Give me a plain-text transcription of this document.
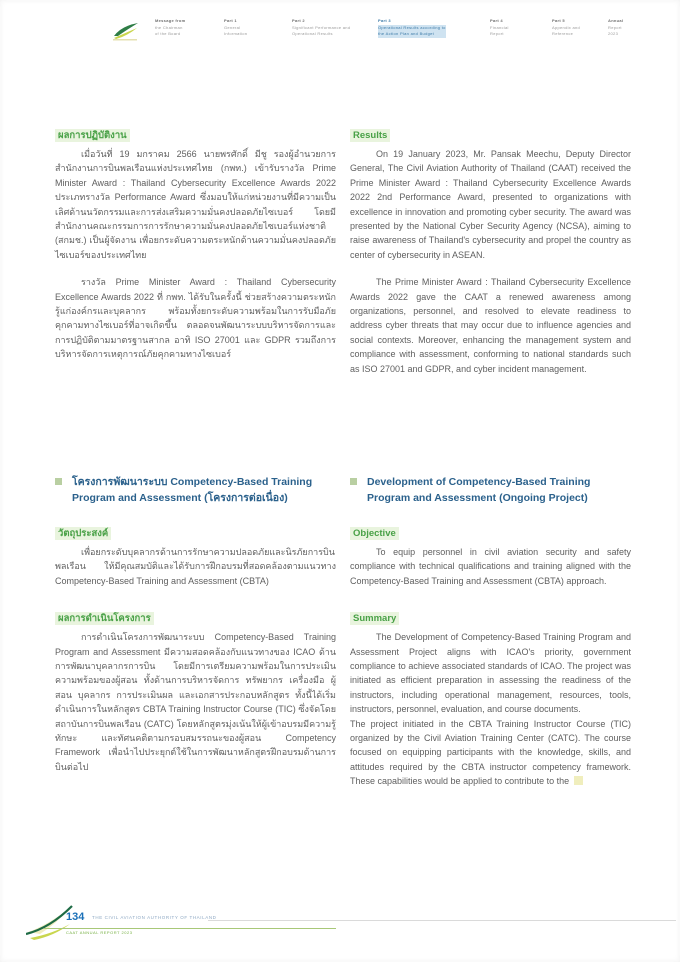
Message from
the Chairman
of the Board
Part 1
General
Information
Part 2
Significant Performance and
Operational Results
Part 3
Operational Results according to
the Action Plan and Budget
Part 4
Financial
Report
Part 5
Appendix and
Reference
Annual
Report
2023
ผลการปฏิบัติงาน

เมื่อวันที่ 19 มกราคม 2566 นายพรศักดิ์ มีชู รองผู้อำนวยการ สำนักงานการบินพลเรือนแห่งประเทศไทย (กพท.) เข้ารับรางวัล Prime Minister Award : Thailand Cybersecurity Excellence Awards 2022 ประเภทรางวัล Performance Award ซึ่งมอบให้แก่หน่วยงานที่มีความเป็นเลิศด้านนวัตกรรมและการส่งเสริมความมั่นคงปลอดภัยไซเบอร์ โดยมีสำนักงานคณะกรรมการการรักษาความมั่นคงปลอดภัยไซเบอร์แห่งชาติ (สกมช.) เป็นผู้จัดงาน เพื่อยกระดับความตระหนักด้านความมั่นคงปลอดภัยไซเบอร์ของประเทศไทย

รางวัล Prime Minister Award : Thailand Cybersecurity Excellence Awards 2022 ที่ กพท. ได้รับในครั้งนี้ ช่วยสร้างความตระหนักรู้แก่องค์กรและบุคลากร พร้อมทั้งยกระดับความพร้อมในการรับมือภัยคุกคามทางไซเบอร์ที่อาจเกิดขึ้น ตลอดจนพัฒนาระบบบริหารจัดการและการปฏิบัติตามมาตรฐานสากล อาทิ ISO 27001 และ GDPR รวมถึงการบริหารจัดการเหตุการณ์ภัยคุกคามทางไซเบอร์

Results

On 19 January 2023, Mr. Pansak Meechu, Deputy Director General, The Civil Aviation Authority of Thailand (CAAT) received the Prime Minister Award : Thailand Cybersecurity Excellence Awards 2022 2nd Performance Award, presented to organizations with excellence in innovation and promoting cyber security. The award was presented by the National Cyber Security Agency (NCSA), aiming to raise awareness of Thailand's cybersecurity and propel the country as center of cybersecurity in ASEAN.

The Prime Minister Award : Thailand Cybersecurity Excellence Awards 2022 gave the CAAT a renewed awareness among organizations, personnel, and resolved to elevate readiness to address cyber threats that may occur due to influence agencies and social contexts. Moreover, enhancing the management system and compliance with assessment, conforming to national standards such as ISO 27001 and GDPR, and cyber incident management.

โครงการพัฒนาระบบ Competency-Based Training Program and Assessment (โครงการต่อเนื่อง)
วัตถุประสงค์

เพื่อยกระดับบุคลากรด้านการรักษาความปลอดภัยและนิรภัยการบินพลเรือน ให้มีคุณสมบัติและได้รับการฝึกอบรมที่สอดคล้องตามแนวทาง Competency-Based Training and Assessment (CBTA)

ผลการดำเนินโครงการ

การดำเนินโครงการพัฒนาระบบ Competency-Based Training Program and Assessment มีความสอดคล้องกับแนวทางของ ICAO ด้านการพัฒนาบุคลากรการบิน โดยมีการเตรียมความพร้อมในการประเมินความพร้อมของผู้สอน ทั้งด้านการบริหารจัดการ ทรัพยากร เครื่องมือ ผู้สอน บุคลากร การประเมินผล และเอกสารประกอบหลักสูตร ทั้งนี้ได้เริ่มดำเนินการในหลักสูตร CBTA Training Instructor Course (TIC) ซึ่งจัดโดยสถาบันการบินพลเรือน (CATC) โดยหลักสูตรมุ่งเน้นให้ผู้เข้าอบรมมีความรู้ ทักษะ และทัศนคติตามกรอบสมรรถนะของผู้สอน Competency Framework เพื่อนำไปประยุกต์ใช้ในการพัฒนาหลักสูตรฝึกอบรมด้านการบินต่อไป

Development of Competency-Based Training Program and Assessment (Ongoing Project)
Objective

To equip personnel in civil aviation security and safety compliance with technical qualifications and training aligned with the Competency-Based Training and Assessment (CBTA) approach.

Summary

The Development of Competency-Based Training Program and Assessment Project aligns with ICAO's priority, government compliance to achieve associated standards of ICAO. The project was initiated as efficient preparation in assessing the readiness of the instructors, including operational management, resources, tools, instructors, personnel, evaluation, and course documents.

The project initiated in the CBTA Training Instructor Course (TIC) organized by the Civil Aviation Training Center (CATC). The course focused on equipping participants with the knowledge, skills, and attitudes required by the CBTA instructor competency framework. These capabilities would be applied to contribute to the

134 THE CIVIL AVIATION AUTHORITY OF THAILAND
CAAT ANNUAL REPORT 2023
